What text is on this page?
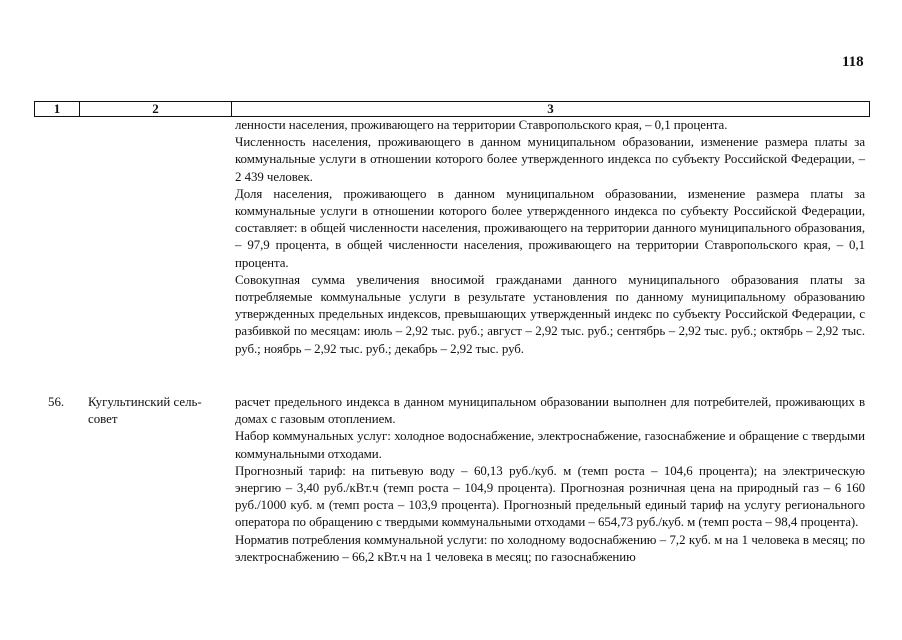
118
1	2	3

ленности населения, проживающего на территории Ставропольского края, – 0,1 процента.

Численность населения, проживающего в данном муниципальном образовании, изменение размера платы за коммунальные услуги в отношении которого более утвержденного индекса по субъекту Российской Федерации, – 2 439 человек.

Доля населения, проживающего в данном муниципальном образовании, изменение размера платы за коммунальные услуги в отношении которого более утвержденного индекса по субъекту Российской Федерации, составляет: в общей численности населения, проживающего на территории данного муниципального образования, – 97,9 процента, в общей численности населения, проживающего на территории Ставропольского края, – 0,1 процента.

Совокупная сумма увеличения вносимой гражданами данного муниципального образования платы за потребляемые коммунальные услуги в результате установления по данному муниципальному образованию утвержденных предельных индексов, превышающих утвержденный индекс по субъекту Российской Федерации, с разбивкой по месяцам: июль – 2,92 тыс. руб.; август – 2,92 тыс. руб.; сентябрь – 2,92 тыс. руб.; октябрь – 2,92 тыс. руб.; ноябрь – 2,92 тыс. руб.; декабрь – 2,92 тыс. руб.

56. Кугультинский сель-
совет

расчет предельного индекса в данном муниципальном образовании выполнен для потребителей, проживающих в домах с газовым отоплением.

Набор коммунальных услуг: холодное водоснабжение, электроснабжение, газоснабжение и обращение с твердыми коммунальными отходами.

Прогнозный тариф: на питьевую воду – 60,13 руб./куб. м (темп роста – 104,6 процента); на электрическую энергию – 3,40 руб./кВт.ч (темп роста – 104,9 процента). Прогнозная розничная цена на природный газ – 6 160 руб./1000 куб. м (темп роста – 103,9 процента). Прогнозный предельный единый тариф на услугу регионального оператора по обращению с твердыми коммунальными отходами – 654,73 руб./куб. м (темп роста – 98,4 процента).

Норматив потребления коммунальной услуги: по холодному водоснабжению – 7,2 куб. м на 1 человека в месяц; по электроснабжению – 66,2 кВт.ч на 1 человека в месяц; по газоснабжению
